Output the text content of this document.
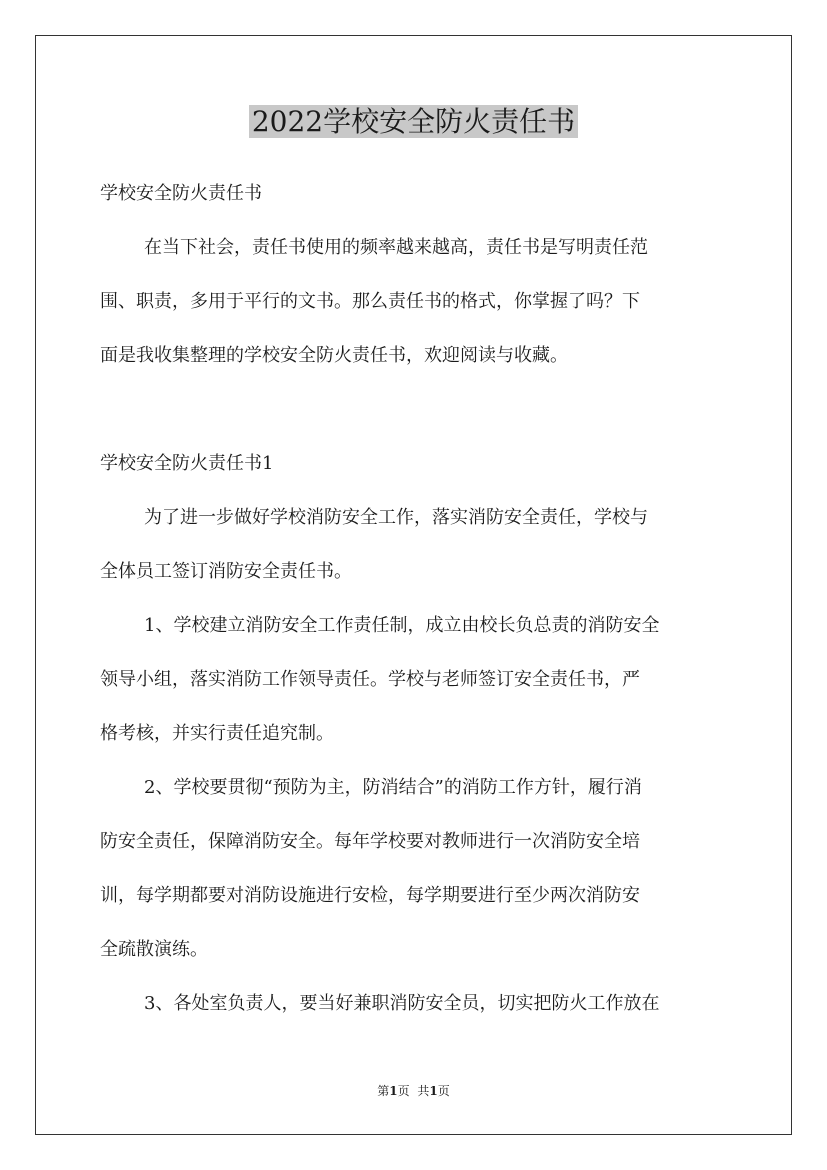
2022学校安全防火责任书
学校安全防火责任书
在当下社会，责任书使用的频率越来越高，责任书是写明责任范
围、职责，多用于平行的文书。那么责任书的格式，你掌握了吗？下
面是我收集整理的学校安全防火责任书，欢迎阅读与收藏。
学校安全防火责任书1
为了进一步做好学校消防安全工作，落实消防安全责任，学校与
全体员工签订消防安全责任书。
1、学校建立消防安全工作责任制，成立由校长负总责的消防安全
领导小组，落实消防工作领导责任。学校与老师签订安全责任书，严
格考核，并实行责任追究制。
2、学校要贯彻“预防为主，防消结合”的消防工作方针，履行消
防安全责任，保障消防安全。每年学校要对教师进行一次消防安全培
训，每学期都要对消防设施进行安检，每学期要进行至少两次消防安
全疏散演练。
3、各处室负责人，要当好兼职消防安全员，切实把防火工作放在
第1页 共1页
